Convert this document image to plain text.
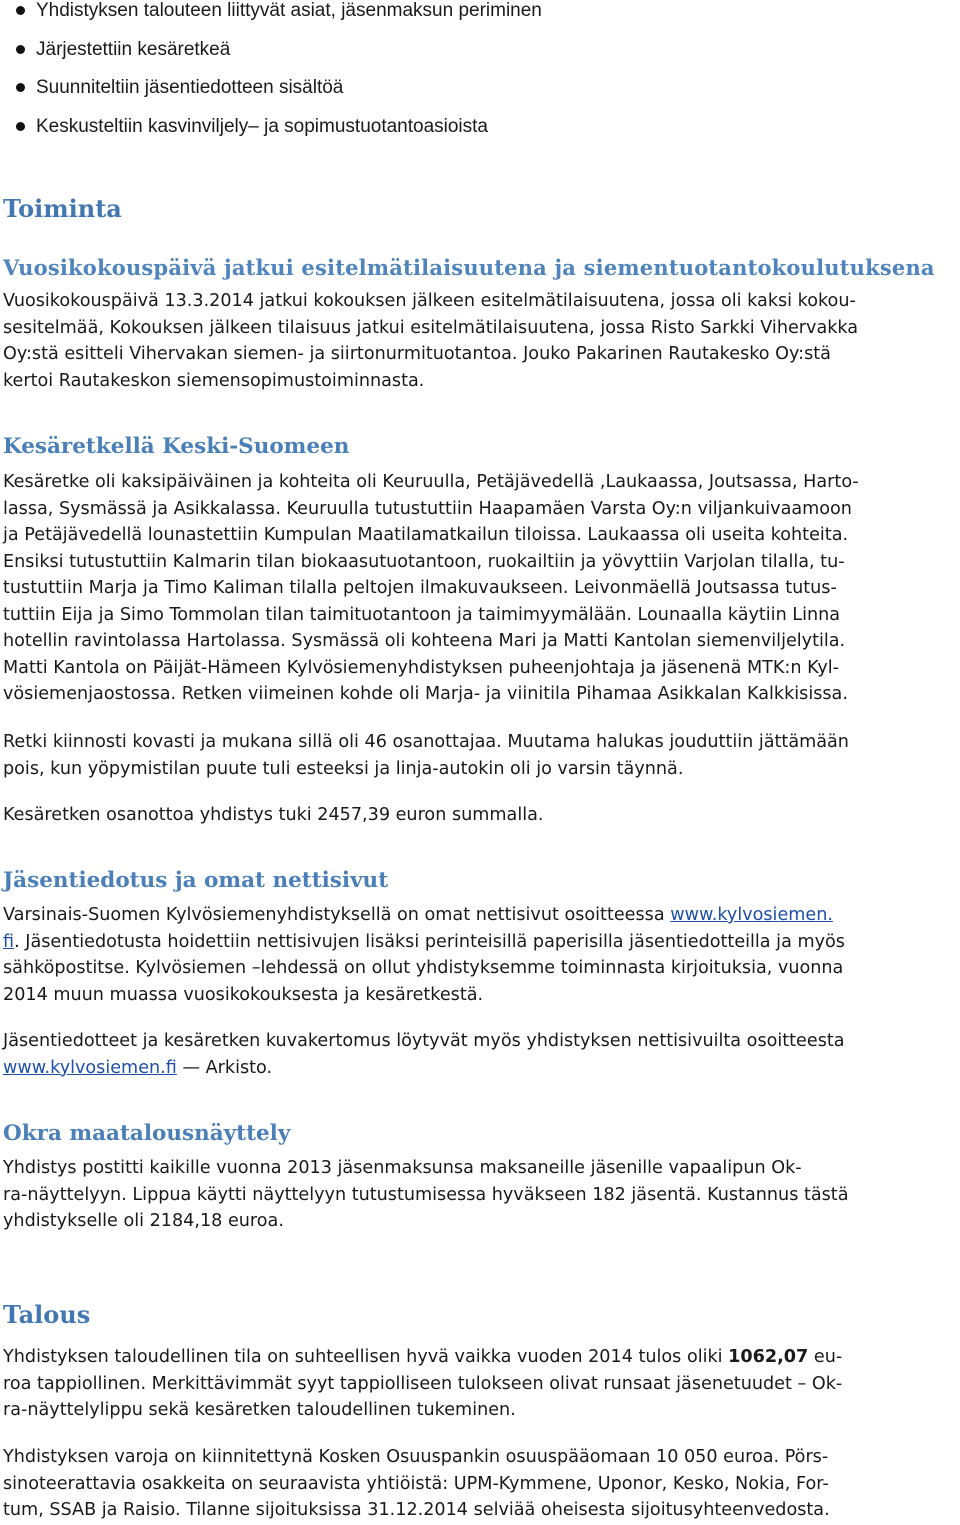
Yhdistyksen talouteen liittyvät asiat, jäsenmaksun periminen
Järjestettiin kesäretkeä
Suunniteltiin jäsentiedotteen sisältöä
Keskusteltiin kasvinviljely– ja sopimustuotantoasioista
Toiminta
Vuosikokouspäivä jatkui esitelmätilaisuutena ja siementuotantokoulutuksena
Vuosikokouspäivä 13.3.2014 jatkui kokouksen jälkeen esitelmätilaisuutena, jossa oli kaksi kokou-
sesitelmää, Kokouksen jälkeen tilaisuus jatkui esitelmätilaisuutena, jossa Risto Sarkki Vihervakka
Oy:stä esitteli Vihervakan siemen- ja siirtonurmituotantoa. Jouko Pakarinen Rautakesko Oy:stä
kertoi Rautakeskon siemensopimustoiminnasta.
Kesäretkellä Keski-Suomeen
Kesäretke oli kaksipäiväinen ja kohteita oli Keuruulla, Petäjävedellä ,Laukaassa, Joutsassa, Harto-
lassa, Sysmässä ja Asikkalassa. Keuruulla tutustuttiin Haapamäen Varsta Oy:n viljankuivaamoon
ja Petäjävedellä lounastettiin Kumpulan Maatilamatkailun tiloissa. Laukaassa oli useita kohteita.
Ensiksi tutustuttiin Kalmarin tilan biokaasutuotantoon, ruokailtiin ja yövyttiin Varjolan tilalla, tu-
tustuttiin Marja ja Timo Kaliman tilalla peltojen ilmakuvaukseen. Leivonmäellä Joutsassa tutus-
tuttiin Eija ja Simo Tommolan tilan taimituotantoon ja taimimyymälään. Lounaalla käytiin Linna
hotellin ravintolassa Hartolassa. Sysmässä oli kohteena Mari ja Matti Kantolan siemenviljelytila.
Matti Kantola on Päijät-Hämeen Kylvösiemenyhdistyksen puheenjohtaja ja jäsenenä MTK:n Kyl-
vösiemenjaostossa. Retken viimeinen kohde oli Marja- ja viinitila Pihamaa Asikkalan Kalkkisissa.
Retki kiinnosti kovasti ja mukana sillä oli 46 osanottajaa. Muutama halukas jouduttiin jättämään
pois, kun yöpymistilan puute tuli esteeksi ja linja-autokin oli jo varsin täynnä.
Kesäretken osanottoa yhdistys tuki 2457,39 euron summalla.
Jäsentiedotus ja omat nettisivut
Varsinais-Suomen Kylvösiemenyhdistyksellä on omat nettisivut osoitteessa www.kylvosiemen.
fi. Jäsentiedotusta hoidettiin nettisivujen lisäksi perinteisillä paperisilla jäsentiedotteilla ja myös
sähköpostitse. Kylvösiemen –lehdessä on ollut yhdistyksemme toiminnasta kirjoituksia, vuonna
2014 muun muassa vuosikokouksesta ja kesäretkestä.
Jäsentiedotteet ja kesäretken kuvakertomus löytyvät myös yhdistyksen nettisivuilta osoitteesta
www.kylvosiemen.fi — Arkisto.
Okra maatalousnäyttely
Yhdistys postitti kaikille vuonna 2013 jäsenmaksunsa maksaneille jäsenille vapaalipun Ok-
ra-näyttelyyn. Lippua käytti näyttelyyn tutustumisessa hyväkseen 182 jäsentä. Kustannus tästä
yhdistykselle oli 2184,18 euroa.
Talous
Yhdistyksen taloudellinen tila on suhteellisen hyvä vaikka vuoden 2014 tulos oliki 1062,07 eu-
roa tappiollinen. Merkittävimmät syyt tappiolliseen tulokseen olivat runsaat jäsenetuudet – Ok-
ra-näyttelylippu sekä kesäretken taloudellinen tukeminen.
Yhdistyksen varoja on kiinnitettynä Kosken Osuuspankin osuuspääomaan 10 050 euroa. Pörs-
sinoteerattavia osakkeita on seuraavista yhtiöistä: UPM-Kymmene, Uponor, Kesko, Nokia, For-
tum, SSAB ja Raisio. Tilanne sijoituksissa 31.12.2014 selviää oheisesta sijoitusyhteenvedosta.
